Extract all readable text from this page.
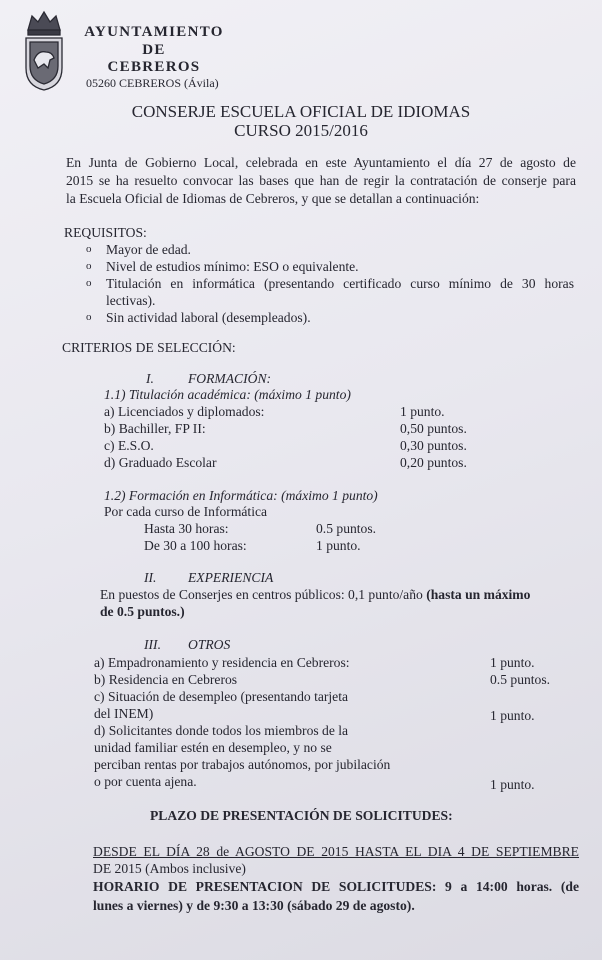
AYUNTAMIENTO
DE
CEBREROS
05260 CEBREROS (Ávila)
CONSERJE ESCUELA OFICIAL DE IDIOMAS
CURSO 2015/2016
En Junta de Gobierno Local, celebrada en este Ayuntamiento el día 27 de agosto de
2015 se ha resuelto convocar las bases que han de regir la contratación de conserje para
la Escuela Oficial de Idiomas de Cebreros, y que se detallan a continuación:
REQUISITOS:
o Mayor de edad.
o Nivel de estudios mínimo: ESO o equivalente.
o Titulación en informática (presentando certificado curso mínimo de 30 horas
lectivas).
o Sin actividad laboral (desempleados).
CRITERIOS DE SELECCIÓN:
I.	FORMACIÓN:
1.1) Titulación académica: (máximo 1 punto)
a) Licenciados y diplomados:	1 punto.
b) Bachiller, FP II:	0,50 puntos.
c) E.S.O.	0,30 puntos.
d) Graduado Escolar	0,20 puntos.
1.2) Formación en Informática: (máximo 1 punto)
Por cada curso de Informática
Hasta 30 horas:	0.5 puntos.
De 30 a 100 horas:	1 punto.
II. EXPERIENCIA
En puestos de Conserjes en centros públicos: 0,1 punto/año (hasta un máximo
de 0.5 puntos.)
III. OTROS
a) Empadronamiento y residencia en Cebreros:	1 punto.
b) Residencia en Cebreros	0.5 puntos.
c) Situación de desempleo (presentando tarjeta
del INEM)	1 punto.
d) Solicitantes donde todos los miembros de la
unidad familiar estén en desempleo, y no se
perciban rentas por trabajos autónomos, por jubilación
o por cuenta ajena.	1 punto.
PLAZO DE PRESENTACIÓN DE SOLICITUDES:
DESDE EL DÍA 28 de AGOSTO DE 2015 HASTA EL DIA 4 DE SEPTIEMBRE
DE 2015 (Ambos inclusive)
HORARIO DE PRESENTACION DE SOLICITUDES: 9 a 14:00 horas. (de
lunes a viernes) y de 9:30 a 13:30 (sábado 29 de agosto).
